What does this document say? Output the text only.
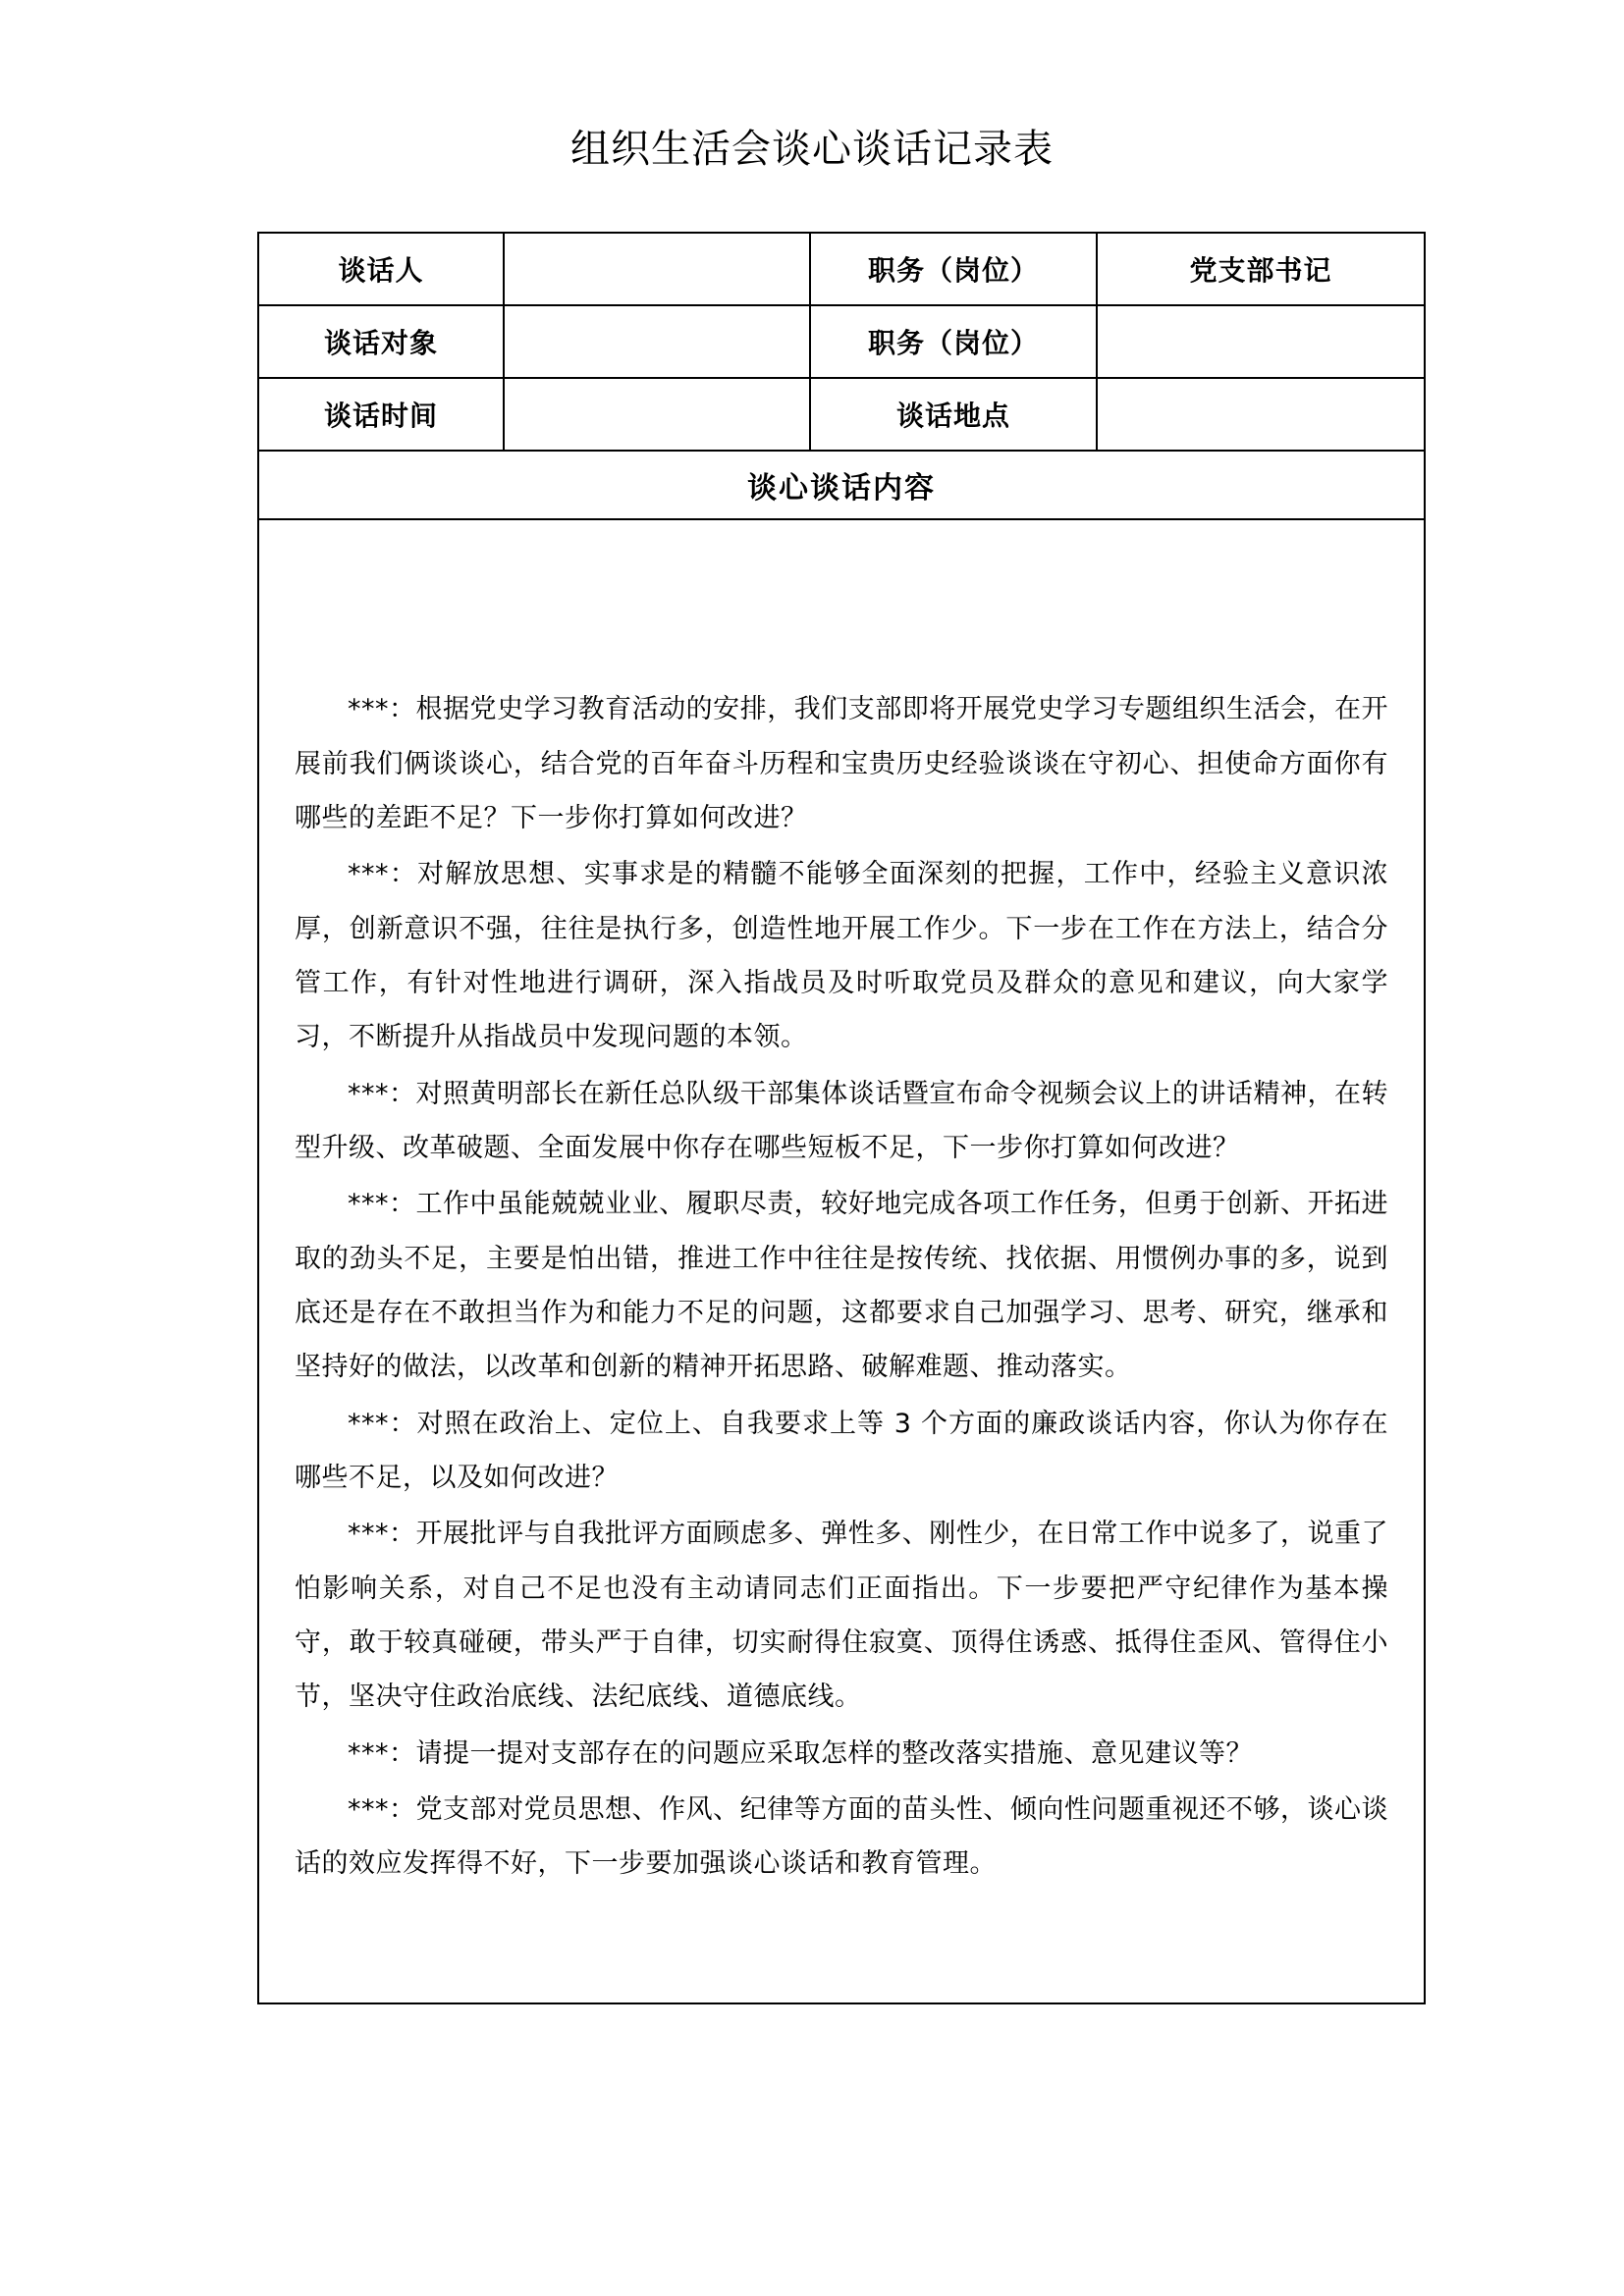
组织生活会谈心谈话记录表
谈话人		职务（岗位）	党支部书记
谈话对象		职务（岗位）	
谈话时间		谈话地点	
谈心谈话内容			

***：根据党史学习教育活动的安排，我们支部即将开展党史学习专题组织生活会，在开展前我们俩谈谈心，结合党的百年奋斗历程和宝贵历史经验谈谈在守初心、担使命方面你有哪些的差距不足？下一步你打算如何改进？

***：对解放思想、实事求是的精髓不能够全面深刻的把握，工作中，经验主义意识浓厚，创新意识不强，往往是执行多，创造性地开展工作少。下一步在工作在方法上，结合分管工作，有针对性地进行调研，深入指战员及时听取党员及群众的意见和建议，向大家学习，不断提升从指战员中发现问题的本领。

***：对照黄明部长在新任总队级干部集体谈话暨宣布命令视频会议上的讲话精神，在转型升级、改革破题、全面发展中你存在哪些短板不足，下一步你打算如何改进？

***：工作中虽能兢兢业业、履职尽责，较好地完成各项工作任务，但勇于创新、开拓进取的劲头不足，主要是怕出错，推进工作中往往是按传统、找依据、用惯例办事的多，说到底还是存在不敢担当作为和能力不足的问题，这都要求自己加强学习、思考、研究，继承和坚持好的做法，以改革和创新的精神开拓思路、破解难题、推动落实。

***：对照在政治上、定位上、自我要求上等 3 个方面的廉政谈话内容，你认为你存在哪些不足，以及如何改进？

***：开展批评与自我批评方面顾虑多、弹性多、刚性少，在日常工作中说多了，说重了怕影响关系，对自己不足也没有主动请同志们正面指出。下一步要把严守纪律作为基本操守，敢于较真碰硬，带头严于自律，切实耐得住寂寞、顶得住诱惑、抵得住歪风、管得住小节，坚决守住政治底线、法纪底线、道德底线。

***：请提一提对支部存在的问题应采取怎样的整改落实措施、意见建议等？

***：党支部对党员思想、作风、纪律等方面的苗头性、倾向性问题重视还不够，谈心谈话的效应发挥得不好，下一步要加强谈心谈话和教育管理。
